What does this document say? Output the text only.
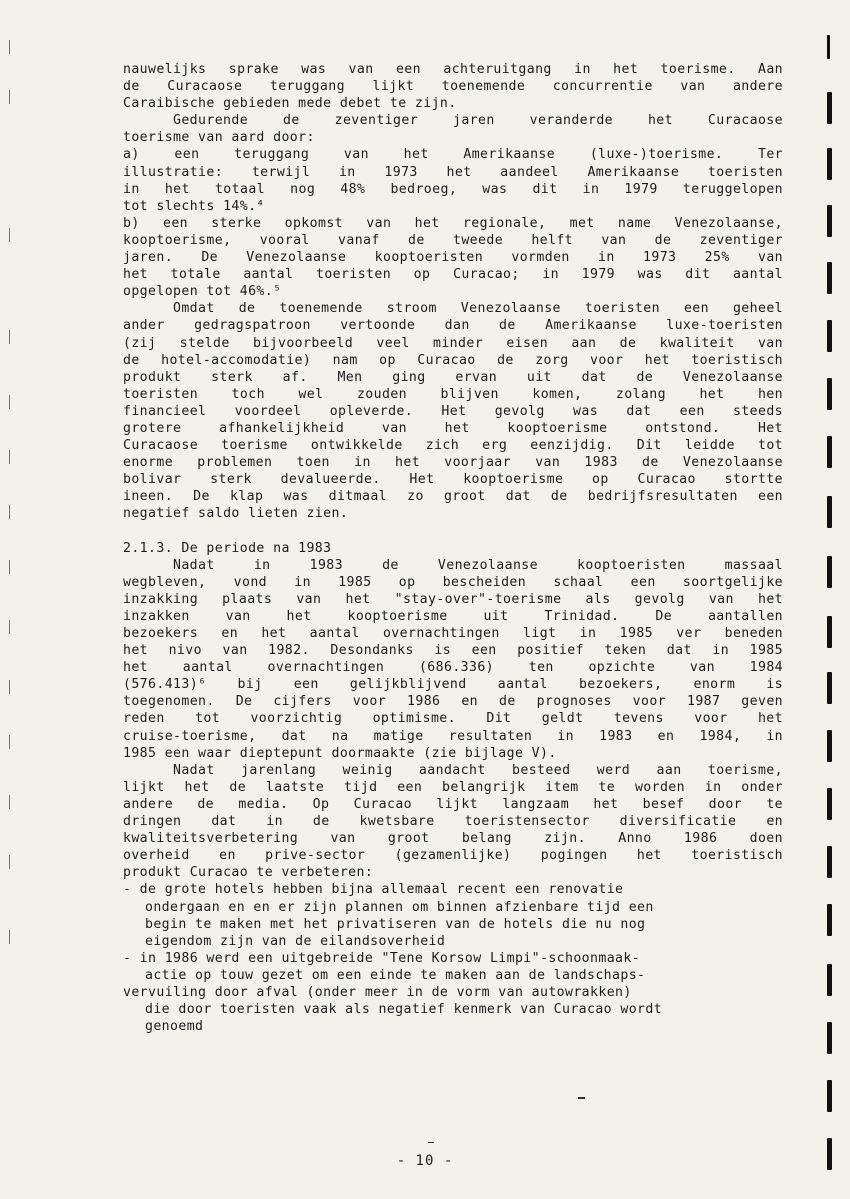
nauwelijks sprake was van een achteruitgang in het toerisme. Aan
de Curacaose teruggang lijkt toenemende concurrentie van andere
Caraibische gebieden mede debet te zijn.
Gedurende de zeventiger jaren veranderde het Curacaose
toerisme van aard door:
a) een teruggang van het Amerikaanse (luxe-)toerisme. Ter
illustratie: terwijl in 1973 het aandeel Amerikaanse toeristen
in het totaal nog 48% bedroeg, was dit in 1979 teruggelopen
tot slechts 14%.⁴
b) een sterke opkomst van het regionale, met name Venezolaanse,
kooptoerisme, vooral vanaf de tweede helft van de zeventiger
jaren. De Venezolaanse kooptoeristen vormden in 1973 25% van
het totale aantal toeristen op Curacao; in 1979 was dit aantal
opgelopen tot 46%.⁵
Omdat de toenemende stroom Venezolaanse toeristen een geheel
ander gedragspatroon vertoonde dan de Amerikaanse luxe-toeristen
(zij stelde bijvoorbeeld veel minder eisen aan de kwaliteit van
de hotel-accomodatie) nam op Curacao de zorg voor het toeristisch
produkt sterk af. Men ging ervan uit dat de Venezolaanse
toeristen toch wel zouden blijven komen, zolang het hen
financieel voordeel opleverde. Het gevolg was dat een steeds
grotere afhankelijkheid van het kooptoerisme ontstond. Het
Curacaose toerisme ontwikkelde zich erg eenzijdig. Dit leidde tot
enorme problemen toen in het voorjaar van 1983 de Venezolaanse
bolivar sterk devalueerde. Het kooptoerisme op Curacao stortte
ineen. De klap was ditmaal zo groot dat de bedrijfsresultaten een
negatief saldo lieten zien.
2.1.3. De periode na 1983
Nadat in 1983 de Venezolaanse kooptoeristen massaal
wegbleven, vond in 1985 op bescheiden schaal een soortgelijke
inzakking plaats van het "stay-over"-toerisme als gevolg van het
inzakken van het kooptoerisme uit Trinidad. De aantallen
bezoekers en het aantal overnachtingen ligt in 1985 ver beneden
het nivo van 1982. Desondanks is een positief teken dat in 1985
het aantal overnachtingen (686.336) ten opzichte van 1984
(576.413)⁶ bij een gelijkblijvend aantal bezoekers, enorm is
toegenomen. De cijfers voor 1986 en de prognoses voor 1987 geven
reden tot voorzichtig optimisme. Dit geldt tevens voor het
cruise-toerisme, dat na matige resultaten in 1983 en 1984, in
1985 een waar dieptepunt doormaakte (zie bijlage V).
Nadat jarenlang weinig aandacht besteed werd aan toerisme,
lijkt het de laatste tijd een belangrijk item te worden in onder
andere de media. Op Curacao lijkt langzaam het besef door te
dringen dat in de kwetsbare toeristensector diversificatie en
kwaliteitsverbetering van groot belang zijn. Anno 1986 doen
overheid en prive-sector (gezamenlijke) pogingen het toeristisch
produkt Curacao te verbeteren:
- de grote hotels hebben bijna allemaal recent een renovatie
ondergaan en en er zijn plannen om binnen afzienbare tijd een
begin te maken met het privatiseren van de hotels die nu nog
eigendom zijn van de eilandsoverheid
- in 1986 werd een uitgebreide "Tene Korsow Limpi"-schoonmaak-
actie op touw gezet om een einde te maken aan de landschaps-
vervuiling door afval (onder meer in de vorm van autowrakken)
die door toeristen vaak als negatief kenmerk van Curacao wordt
genoemd
- 10 -
